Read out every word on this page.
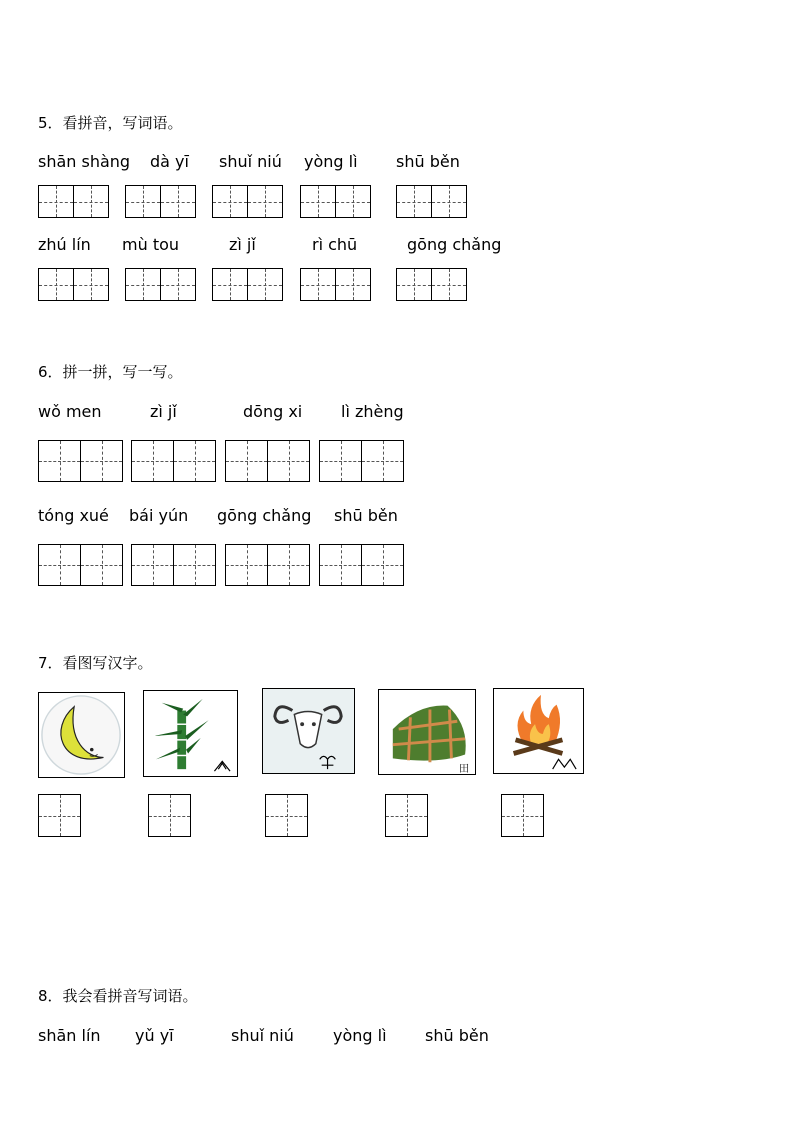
5．看拼音，写词语。
shān shàng dà yī shuǐ niú yòng lì shū běn
zhú lín mù tou	zì jǐ	rì chū	gōng chǎng
6．拼一拼，写一写。
wǒ men	zì jǐ	dōng xi lì zhèng
tóng xué bái yún gōng chǎng shū běn
7．看图写汉字。
田
8．我会看拼音写词语。
shān lín yǔ yī	shuǐ niú yòng lì shū běn
